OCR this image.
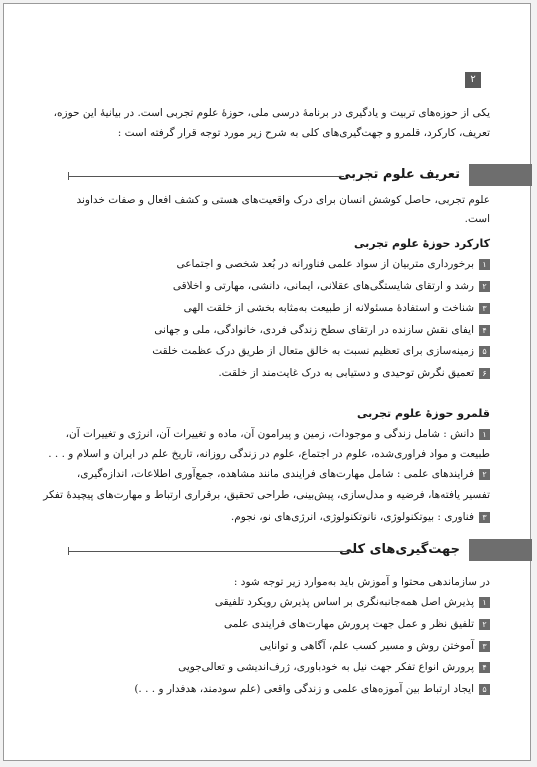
۲
یکی از حوزه‌های تربیت و یادگیری در برنامهٔ درسی ملی، حوزهٔ علوم تجربی است. در بیانیهٔ این حوزه،
تعریف، کارکرد، قلمرو و جهت‌گیری‌های کلی به شرح زیر مورد توجه قرار گرفته است :
تعریف علوم تجربی
علوم تجربی، حاصل کوشش انسان برای درک واقعیت‌های هستی و کشف افعال و صفات خداوند
است.
کارکرد حوزهٔ علوم تجربی
۱
برخورداری متربیان از سواد علمی فناورانه در بُعد شخصی و اجتماعی
۲
رشد و ارتقای شایستگی‌های عقلانی، ایمانی، دانشی، مهارتی و اخلاقی
۳
شناخت و استفادهٔ مسئولانه از طبیعت به‌مثابه بخشی از خلقت الهی
۴
ایفای نقش سازنده در ارتقای سطح زندگی فردی، خانوادگی، ملی و جهانی
۵
زمینه‌سازی برای تعظیم نسبت به خالق متعال از طریق درک عظمت خلقت
۶
تعمیق نگرش توحیدی و دستیابی به درک غایت‌مند از خلقت.
قلمرو حوزهٔ علوم تجربی
۱
دانش : شامل زندگی و موجودات، زمین و پیرامون آن، ماده و تغییرات آن، انرژی و تغییرات آن،
طبیعت و مواد فراوری‌شده، علوم در اجتماع، علوم در زندگی روزانه، تاریخ علم در ایران و اسلام و . . .
۲
فرایندهای علمی : شامل مهارت‌های فرایندی مانند مشاهده، جمع‌آوری اطلاعات، اندازه‌گیری،
تفسیر یافته‌ها، فرضیه و مدل‌سازی، پیش‌بینی، طراحی تحقیق، برقراری ارتباط و مهارت‌های پیچیدهٔ تفکر
۳
فناوری : بیوتکنولوژی، نانوتکنولوژی، انرژی‌های نو، نجوم.
جهت‌گیری‌های کلی
در سازماندهی محتوا و آموزش باید به‌موارد زیر توجه شود :
۱
پذیرش اصل همه‌جانبه‌نگری بر اساس پذیرش رویکرد تلفیقی
۲
تلفیق نظر و عمل جهت پرورش مهارت‌های فرایندی علمی
۳
آموختن روش و مسیر کسب علم، آگاهی و توانایی
۴
پرورش انواع تفکر جهت نیل به خودباوری، ژرف‌اندیشی و تعالی‌جویی
۵
ایجاد ارتباط بین آموزه‌های علمی و زندگی واقعی (علم سودمند، هدفدار و . . .)
